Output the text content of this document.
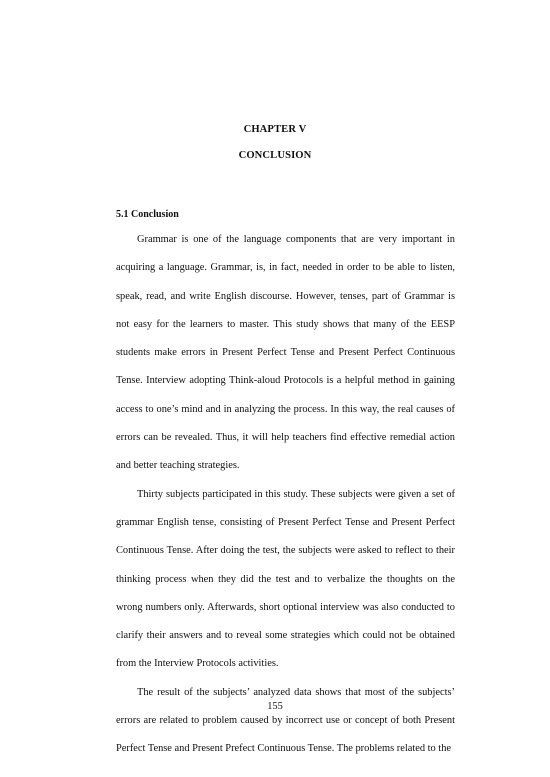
CHAPTER V
CONCLUSION
5.1 Conclusion

Grammar is one of the language components that are very important in acquiring a language. Grammar, is, in fact, needed in order to be able to listen, speak, read, and write English discourse. However, tenses, part of Grammar is not easy for the learners to master. This study shows that many of the EESP students make errors in Present Perfect Tense and Present Perfect Continuous Tense. Interview adopting Think-aloud Protocols is a helpful method in gaining access to one’s mind and in analyzing the process. In this way, the real causes of errors can be revealed. Thus, it will help teachers find effective remedial action and better teaching strategies.

Thirty subjects participated in this study. These subjects were given a set of grammar English tense, consisting of Present Perfect Tense and Present Perfect Continuous Tense. After doing the test, the subjects were asked to reflect to their thinking process when they did the test and to verbalize the thoughts on the wrong numbers only. Afterwards, short optional interview was also conducted to clarify their answers and to reveal some strategies which could not be obtained from the Interview Protocols activities.

The result of the subjects’ analyzed data shows that most of the subjects’ errors are related to problem caused by incorrect use or concept of both Present Perfect Tense and Present Prefect Continuous Tense. The problems related to the

155
